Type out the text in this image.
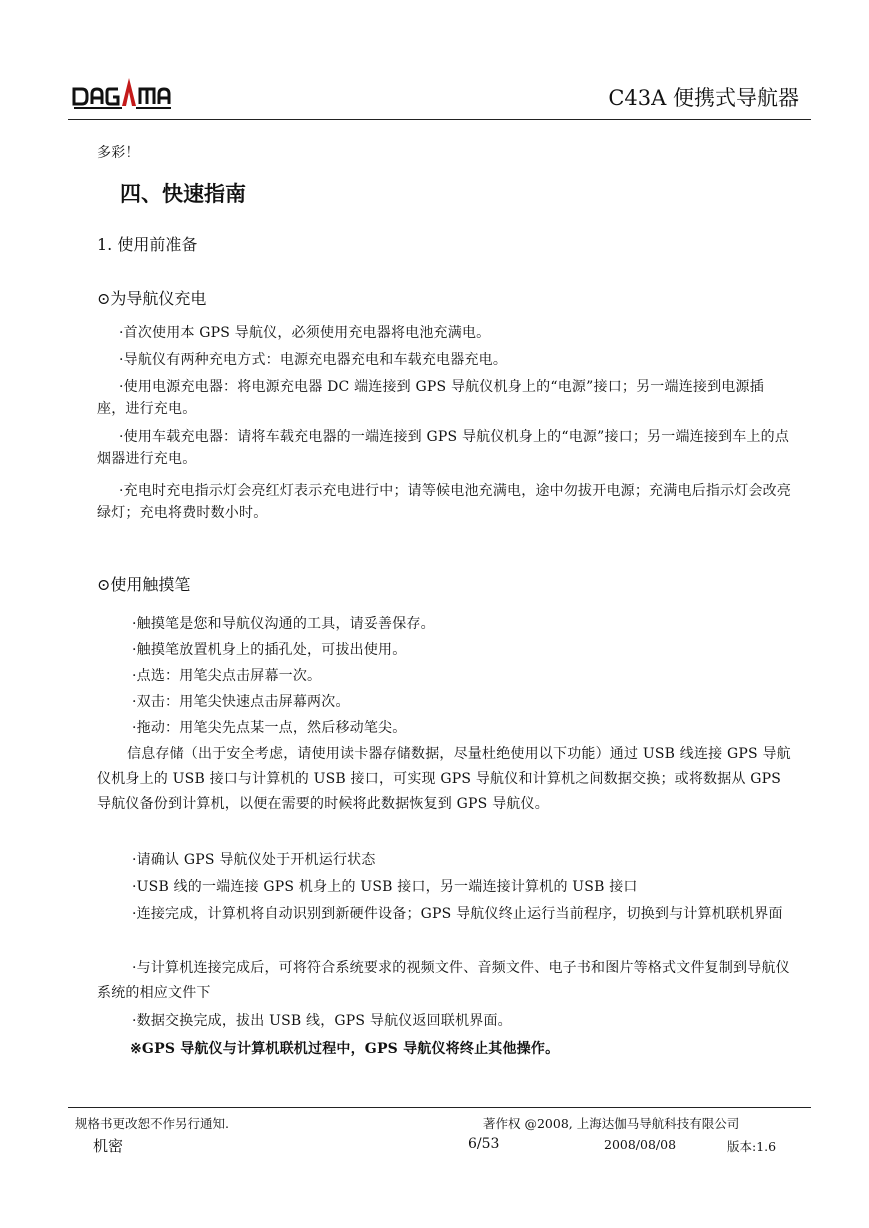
C43A 便携式导航器
多彩！
四、快速指南
1. 使用前准备
⊙为导航仪充电
·首次使用本 GPS 导航仪，必须使用充电器将电池充满电。
·导航仪有两种充电方式：电源充电器充电和车载充电器充电。
·使用电源充电器：将电源充电器 DC 端连接到 GPS 导航仪机身上的“电源”接口；另一端连接到电源插座，进行充电。
·使用车载充电器：请将车载充电器的一端连接到 GPS 导航仪机身上的“电源”接口；另一端连接到车上的点烟器进行充电。
·充电时充电指示灯会亮红灯表示充电进行中；请等候电池充满电，途中勿拔开电源；充满电后指示灯会改亮绿灯；充电将费时数小时。
⊙使用触摸笔
·触摸笔是您和导航仪沟通的工具，请妥善保存。
·触摸笔放置机身上的插孔处，可拔出使用。
·点选：用笔尖点击屏幕一次。
·双击：用笔尖快速点击屏幕两次。
·拖动：用笔尖先点某一点，然后移动笔尖。
信息存储（出于安全考虑，请使用读卡器存储数据，尽量杜绝使用以下功能）通过 USB 线连接 GPS 导航仪机身上的 USB 接口与计算机的 USB 接口，可实现 GPS 导航仪和计算机之间数据交换；或将数据从 GPS 导航仪备份到计算机，以便在需要的时候将此数据恢复到 GPS 导航仪。
·请确认 GPS 导航仪处于开机运行状态
·USB 线的一端连接 GPS 机身上的 USB 接口，另一端连接计算机的 USB 接口
·连接完成，计算机将自动识别到新硬件设备；GPS 导航仪终止运行当前程序，切换到与计算机联机界面
·与计算机连接完成后，可将符合系统要求的视频文件、音频文件、电子书和图片等格式文件复制到导航仪系统的相应文件下
·数据交换完成，拔出 USB 线，GPS 导航仪返回联机界面。
※GPS 导航仪与计算机联机过程中，GPS 导航仪将终止其他操作。
规格书更改恕不作另行通知.	著作权 @2008, 上海达伽马导航科技有限公司
机密	6/53	2008/08/08	版本:1.6
